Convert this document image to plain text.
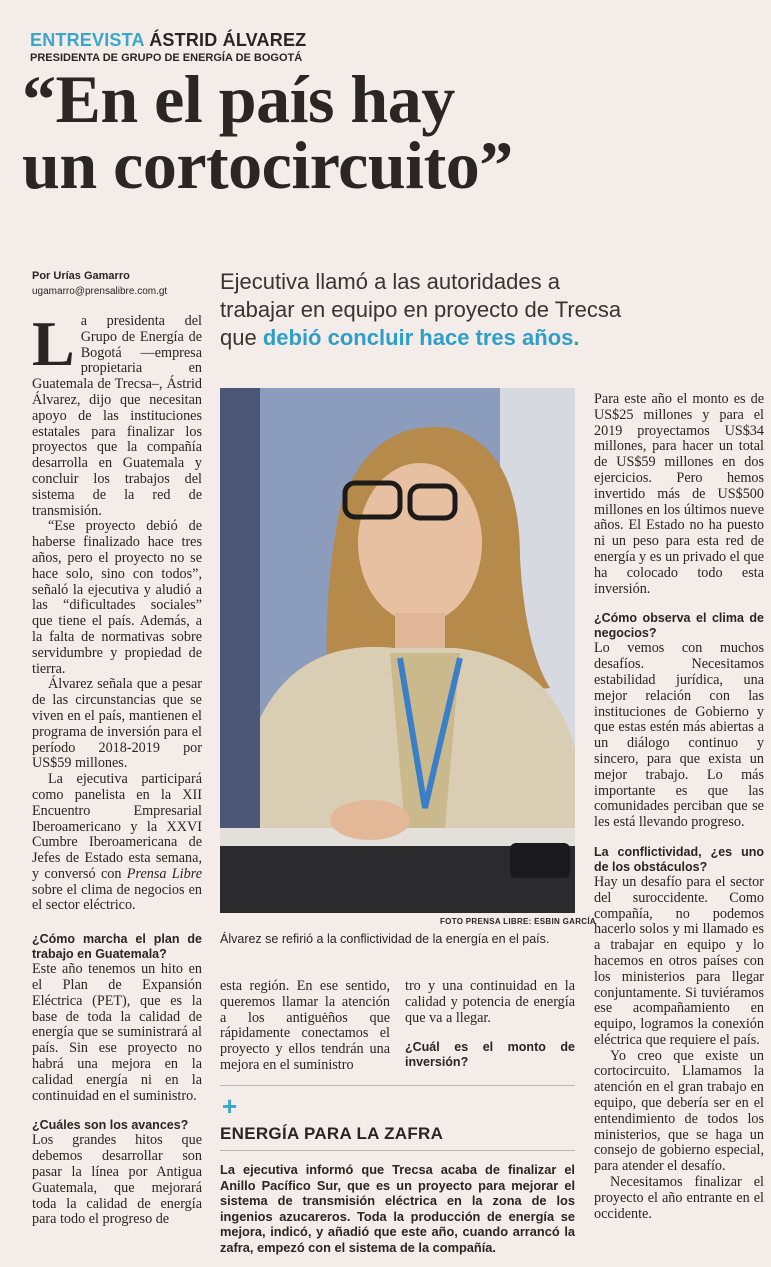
ENTREVISTA ÁSTRID ÁLVAREZ
PRESIDENTA DE GRUPO DE ENERGÍA DE BOGOTÁ
“En el país hay
un cortocircuito”
Por Urías Gamarro
ugamarro@prensalibre.com.gt Ejecutiva llamó a las autoridades a
trabajar en equipo en proyecto de Trecsa
que debió concluir hace tres años.

La presidenta del Grupo de Energía de Bogotá —empresa propietaria en Guatemala de Trecsa–, Ástrid Álvarez, dijo que necesitan apoyo de las instituciones estatales para finalizar los proyectos que la compañía desarrolla en Guatemala y concluir los trabajos del sistema de la red de transmisión.

“Ese proyecto debió de haberse finalizado hace tres años, pero el proyecto no se hace solo, sino con todos”, señaló la ejecutiva y aludió a las “dificultades sociales” que tiene el país. Además, a la falta de normativas sobre servidumbre y propiedad de tierra.

Álvarez señala que a pesar de las circunstancias que se viven en el país, mantienen el programa de inversión para el período 2018-2019 por US$59 millones.

La ejecutiva participará como panelista en la XII Encuentro Empresarial Iberoamericano y la XXVI Cumbre Iberoamericana de Jefes de Estado esta semana, y conversó con Prensa Libre sobre el clima de negocios en el sector eléctrico.

¿Cómo marcha el plan de trabajo en Guatemala?

Este año tenemos un hito en el Plan de Expansión Eléctrica (PET), que es la base de toda la calidad de energía que se suministrará al país. Sin ese proyecto no habrá una mejora en la calidad energía ni en la continuidad en el suministro.

¿Cuáles son los avances?

Los grandes hitos que debemos desarrollar son pasar la línea por Antigua Guatemala, que mejorará toda la calidad de energía para todo el progreso de

FOTO PRENSA LIBRE: ESBIN GARCÍA
Álvarez se refirió a la conflictividad de la energía en el país.

esta región. En ese sentido, queremos llamar la atención a los antiguėños que rápidamente conectamos el proyecto y ellos tendrán una mejora en el suministro

tro y una continuidad en la calidad y potencia de energía que va a llegar.

¿Cuál es el monto de inversión?
+
ENERGÍA PARA LA ZAFRA
La ejecutiva informó que Trecsa acaba de finalizar el Anillo Pacífico Sur, que es un proyecto para mejorar el sistema de transmisión eléctrica en la zona de los ingenios azucareros. Toda la producción de energía se mejora, indicó, y añadió que este año, cuando arrancó la zafra, empezó con el sistema de la compañía.

Para este año el monto es de US$25 millones y para el 2019 proyectamos US$34 millones, para hacer un total de US$59 millones en dos ejercicios. Pero hemos invertido más de US$500 millones en los últimos nueve años. El Estado no ha puesto ni un peso para esta red de energía y es un privado el que ha colocado todo esta inversión.

¿Cómo observa el clima de negocios?

Lo vemos con muchos desafíos. Necesitamos estabilidad jurídica, una mejor relación con las instituciones de Gobierno y que estas estén más abiertas a un diálogo continuo y sincero, para que exista un mejor trabajo. Lo más importante es que las comunidades perciban que se les está llevando progreso.

La conflictividad, ¿es uno de los obstáculos?

Hay un desafío para el sector del suroccidente. Como compañía, no podemos hacerlo solos y mi llamado es a trabajar en equipo y lo hacemos en otros países con los ministerios para llegar conjuntamente. Si tuviéramos ese acompañamiento en equipo, logramos la conexión eléctrica que requiere el país.

Yo creo que existe un cortocircuito. Llamamos la atención en el gran trabajo en equipo, que debería ser en el entendimiento de todos los ministerios, que se haga un consejo de gobierno especial, para atender el desafío.

Necesitamos finalizar el proyecto el año entrante en el occidente.
